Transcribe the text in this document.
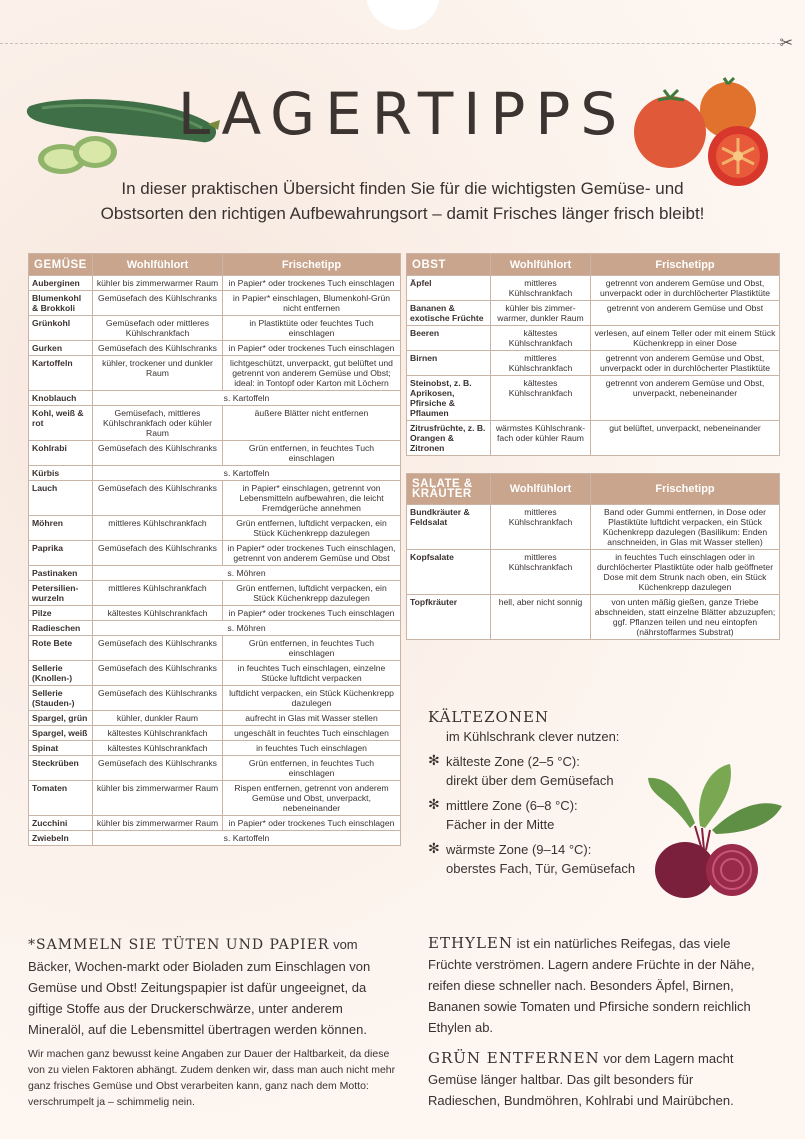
✂
LAGERTIPPS
In dieser praktischen Übersicht finden Sie für die wichtigsten Gemüse- und Obstsorten den richtigen Aufbewahrungsort – damit Frisches länger frisch bleibt!
GEMÜSE	Wohlfühlort	Frischetipp
Auberginen	kühler bis zimmerwarmer Raum	in Papier* oder trockenes Tuch einschlagen
Blumenkohl & Brokkoli	Gemüsefach des Kühlschranks	in Papier* einschlagen, Blumenkohl-Grün nicht entfernen
Grünkohl	Gemüsefach oder mittleres Kühlschrankfach	in Plastiktüte oder feuchtes Tuch einschlagen
Gurken	Gemüsefach des Kühlschranks	in Papier* oder trockenes Tuch einschlagen
Kartoffeln	kühler, trockener und dunkler Raum	lichtgeschützt, unverpackt, gut belüftet und getrennt von anderem Gemüse und Obst; ideal: in Tontopf oder Karton mit Löchern
Knoblauch	s. Kartoffeln	
Kohl, weiß & rot	Gemüsefach, mittleres Kühlschrankfach oder kühler Raum	äußere Blätter nicht entfernen
Kohlrabi	Gemüsefach des Kühlschranks	Grün entfernen, in feuchtes Tuch einschlagen
Kürbis	s. Kartoffeln	
Lauch	Gemüsefach des Kühlschranks	in Papier* einschlagen, getrennt von Lebensmitteln aufbewahren, die leicht Fremdgerüche annehmen
Möhren	mittleres Kühlschrankfach	Grün entfernen, luftdicht verpacken, ein Stück Küchenkrepp dazulegen
Paprika	Gemüsefach des Kühlschranks	in Papier* oder trockenes Tuch einschlagen, getrennt von anderem Gemüse und Obst
Pastinaken	s. Möhren	
Petersilien-wurzeln	mittleres Kühlschrankfach	Grün entfernen, luftdicht verpacken, ein Stück Küchenkrepp dazulegen
Pilze	kältestes Kühlschrankfach	in Papier* oder trockenes Tuch einschlagen
Radieschen	s. Möhren	
Rote Bete	Gemüsefach des Kühlschranks	Grün entfernen, in feuchtes Tuch einschlagen
Sellerie (Knollen-)	Gemüsefach des Kühlschranks	in feuchtes Tuch einschlagen, einzelne Stücke luftdicht verpacken
Sellerie (Stauden-)	Gemüsefach des Kühlschranks	luftdicht verpacken, ein Stück Küchenkrepp dazulegen
Spargel, grün	kühler, dunkler Raum	aufrecht in Glas mit Wasser stellen
Spargel, weiß	kältestes Kühlschrankfach	ungeschält in feuchtes Tuch einschlagen
Spinat	kältestes Kühlschrankfach	in feuchtes Tuch einschlagen
Steckrüben	Gemüsefach des Kühlschranks	Grün entfernen, in feuchtes Tuch einschlagen
Tomaten	kühler bis zimmerwarmer Raum	Rispen entfernen, getrennt von anderem Gemüse und Obst, unverpackt, nebeneinander
Zucchini	kühler bis zimmerwarmer Raum	in Papier* oder trockenes Tuch einschlagen
Zwiebeln	s. Kartoffeln	
OBST	Wohlfühlort	Frischetipp
Äpfel	mittleres Kühlschrankfach	getrennt von anderem Gemüse und Obst, unverpackt oder in durchlöcherter Plastiktüte
Bananen & exotische Früchte	kühler bis zimmer-warmer, dunkler Raum	getrennt von anderem Gemüse und Obst
Beeren	kältestes Kühlschrankfach	verlesen, auf einem Teller oder mit einem Stück Küchenkrepp in einer Dose
Birnen	mittleres Kühlschrankfach	getrennt von anderem Gemüse und Obst, unverpackt oder in durchlöcherter Plastiktüte
Steinobst, z. B. Aprikosen, Pfirsiche & Pflaumen	kältestes Kühlschrankfach	getrennt von anderem Gemüse und Obst, unverpackt, nebeneinander
Zitrusfrüchte, z. B. Orangen & Zitronen	wärmstes Kühlschrank-fach oder kühler Raum	gut belüftet, unverpackt, nebeneinander
SALATE & KRÄUTER	Wohlfühlort	Frischetipp
Bundkräuter & Feldsalat	mittleres Kühlschrankfach	Band oder Gummi entfernen, in Dose oder Plastiktüte luftdicht verpacken, ein Stück Küchenkrepp dazulegen (Basilikum: Enden anschneiden, in Glas mit Wasser stellen)
Kopfsalate	mittleres Kühlschrankfach	in feuchtes Tuch einschlagen oder in durchlöcherter Plastiktüte oder halb geöffneter Dose mit dem Strunk nach oben, ein Stück Küchenkrepp dazulegen
Topfkräuter	hell, aber nicht sonnig	von unten mäßig gießen, ganze Triebe abschneiden, statt einzelne Blätter abzuzupfen; ggf. Pflanzen teilen und neu eintopfen (nährstoffarmes Substrat)
KÄLTEZONEN
im Kühlschrank clever nutzen:
✻ kälteste Zone (2–5 °C):
direkt über dem Gemüsefach
✻ mittlere Zone (6–8 °C):
Fächer in der Mitte
✻ wärmste Zone (9–14 °C):
oberstes Fach, Tür, Gemüsefach
*SAMMELN SIE TÜTEN UND PAPIER vom Bäcker, Wochen-markt oder Bioladen zum Einschlagen von Gemüse und Obst! Zeitungspapier ist dafür ungeeignet, da giftige Stoffe aus der Druckerschwärze, unter anderem Mineralöl, auf die Lebensmittel übertragen werden können.
Wir machen ganz bewusst keine Angaben zur Dauer der Haltbarkeit, da diese von zu vielen Faktoren abhängt. Zudem denken wir, dass man auch nicht mehr ganz frisches Gemüse und Obst verarbeiten kann, ganz nach dem Motto: verschrumpelt ja – schimmelig nein.
ETHYLEN ist ein natürliches Reifegas, das viele Früchte verströmen. Lagern andere Früchte in der Nähe, reifen diese schneller nach. Besonders Äpfel, Birnen, Bananen sowie Tomaten und Pfirsiche sondern reichlich Ethylen ab.
GRÜN ENTFERNEN vor dem Lagern macht Gemüse länger haltbar. Das gilt besonders für Radieschen, Bundmöhren, Kohlrabi und Mairübchen.
